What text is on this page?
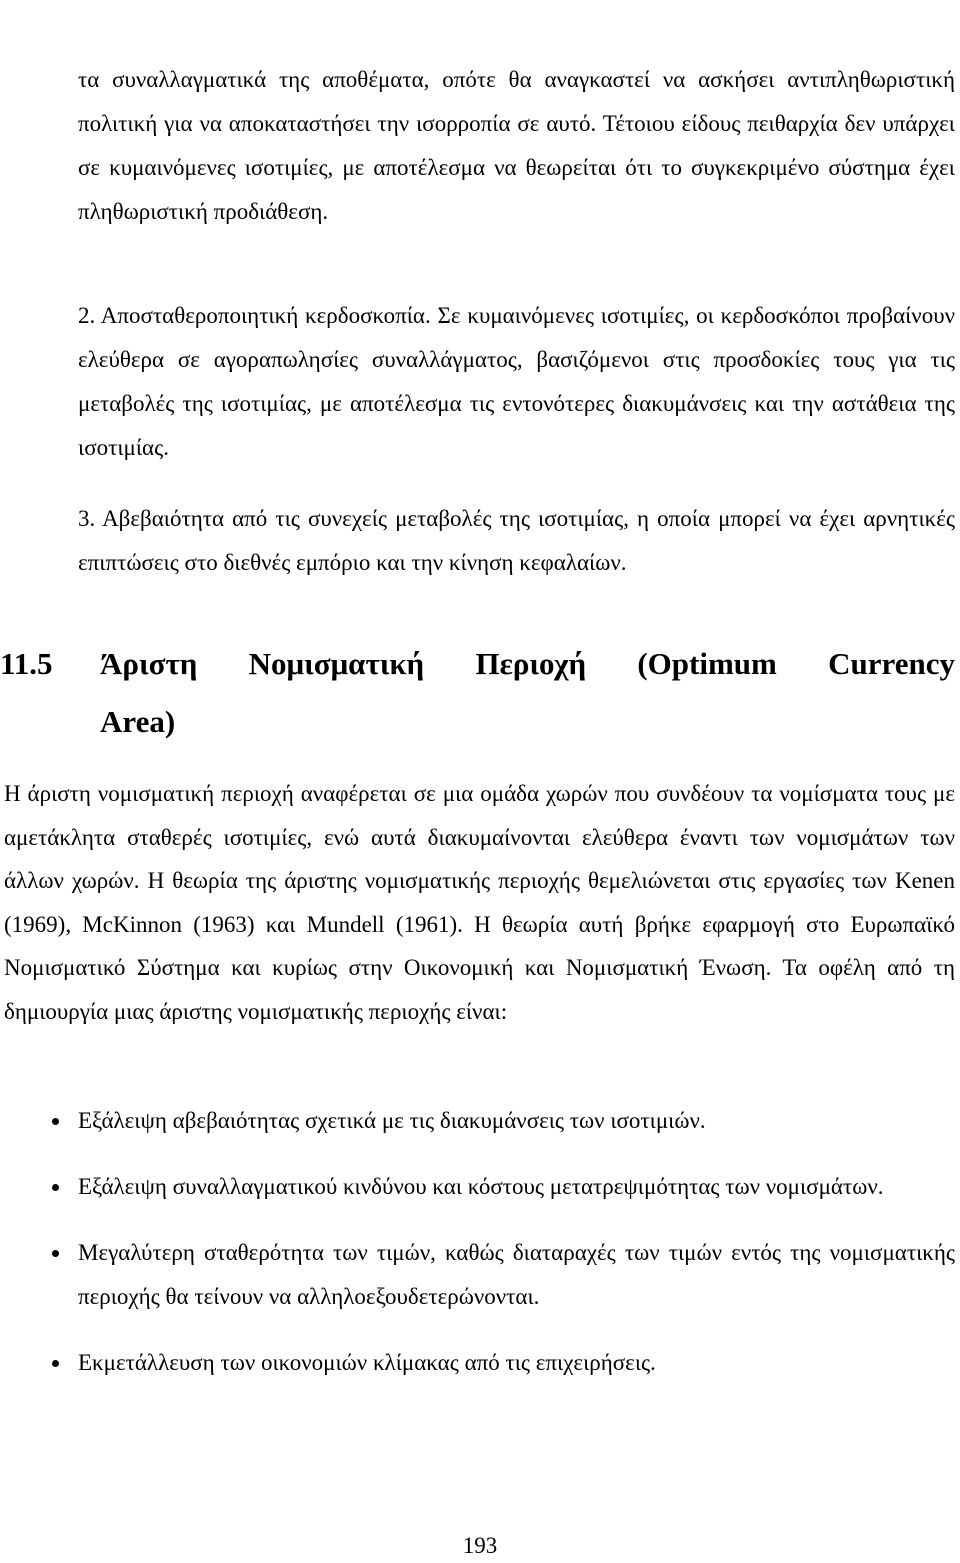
τα συναλλαγματικά της αποθέματα, οπότε θα αναγκαστεί να ασκήσει αντιπληθωριστική πολιτική για να αποκαταστήσει την ισορροπία σε αυτό. Τέτοιου είδους πειθαρχία δεν υπάρχει σε κυμαινόμενες ισοτιμίες, με αποτέλεσμα να θεωρείται ότι το συγκεκριμένο σύστημα έχει πληθωριστική προδιάθεση.

2. Αποσταθεροποιητική κερδοσκοπία. Σε κυμαινόμενες ισοτιμίες, οι κερδοσκόποι προβαίνουν ελεύθερα σε αγοραπωλησίες συναλλάγματος, βασιζόμενοι στις προσδοκίες τους για τις μεταβολές της ισοτιμίας, με αποτέλεσμα τις εντονότερες διακυμάνσεις και την αστάθεια της ισοτιμίας.

3. Αβεβαιότητα από τις συνεχείς μεταβολές της ισοτιμίας, η οποία μπορεί να έχει αρνητικές επιπτώσεις στο διεθνές εμπόριο και την κίνηση κεφαλαίων.

11.5 Άριστη Νομισματική Περιοχή (Optimum Currency
Area)

Η άριστη νομισματική περιοχή αναφέρεται σε μια ομάδα χωρών που συνδέουν τα νομίσματα τους με αμετάκλητα σταθερές ισοτιμίες, ενώ αυτά διακυμαίνονται ελεύθερα έναντι των νομισμάτων των άλλων χωρών. Η θεωρία της άριστης νομισματικής περιοχής θεμελιώνεται στις εργασίες των Kenen (1969), McKinnon (1963) και Mundell (1961). Η θεωρία αυτή βρήκε εφαρμογή στο Ευρωπαϊκό Νομισματικό Σύστημα και κυρίως στην Οικονομική και Νομισματική Ένωση. Τα οφέλη από τη δημιουργία μιας άριστης νομισματικής περιοχής είναι:

Εξάλειψη αβεβαιότητας σχετικά με τις διακυμάνσεις των ισοτιμιών.
Εξάλειψη συναλλαγματικού κινδύνου και κόστους μετατρεψιμότητας των νομισμάτων.
Μεγαλύτερη σταθερότητα των τιμών, καθώς διαταραχές των τιμών εντός της νομισματικής περιοχής θα τείνουν να αλληλοεξουδετερώνονται.
Εκμετάλλευση των οικονομιών κλίμακας από τις επιχειρήσεις.
193
